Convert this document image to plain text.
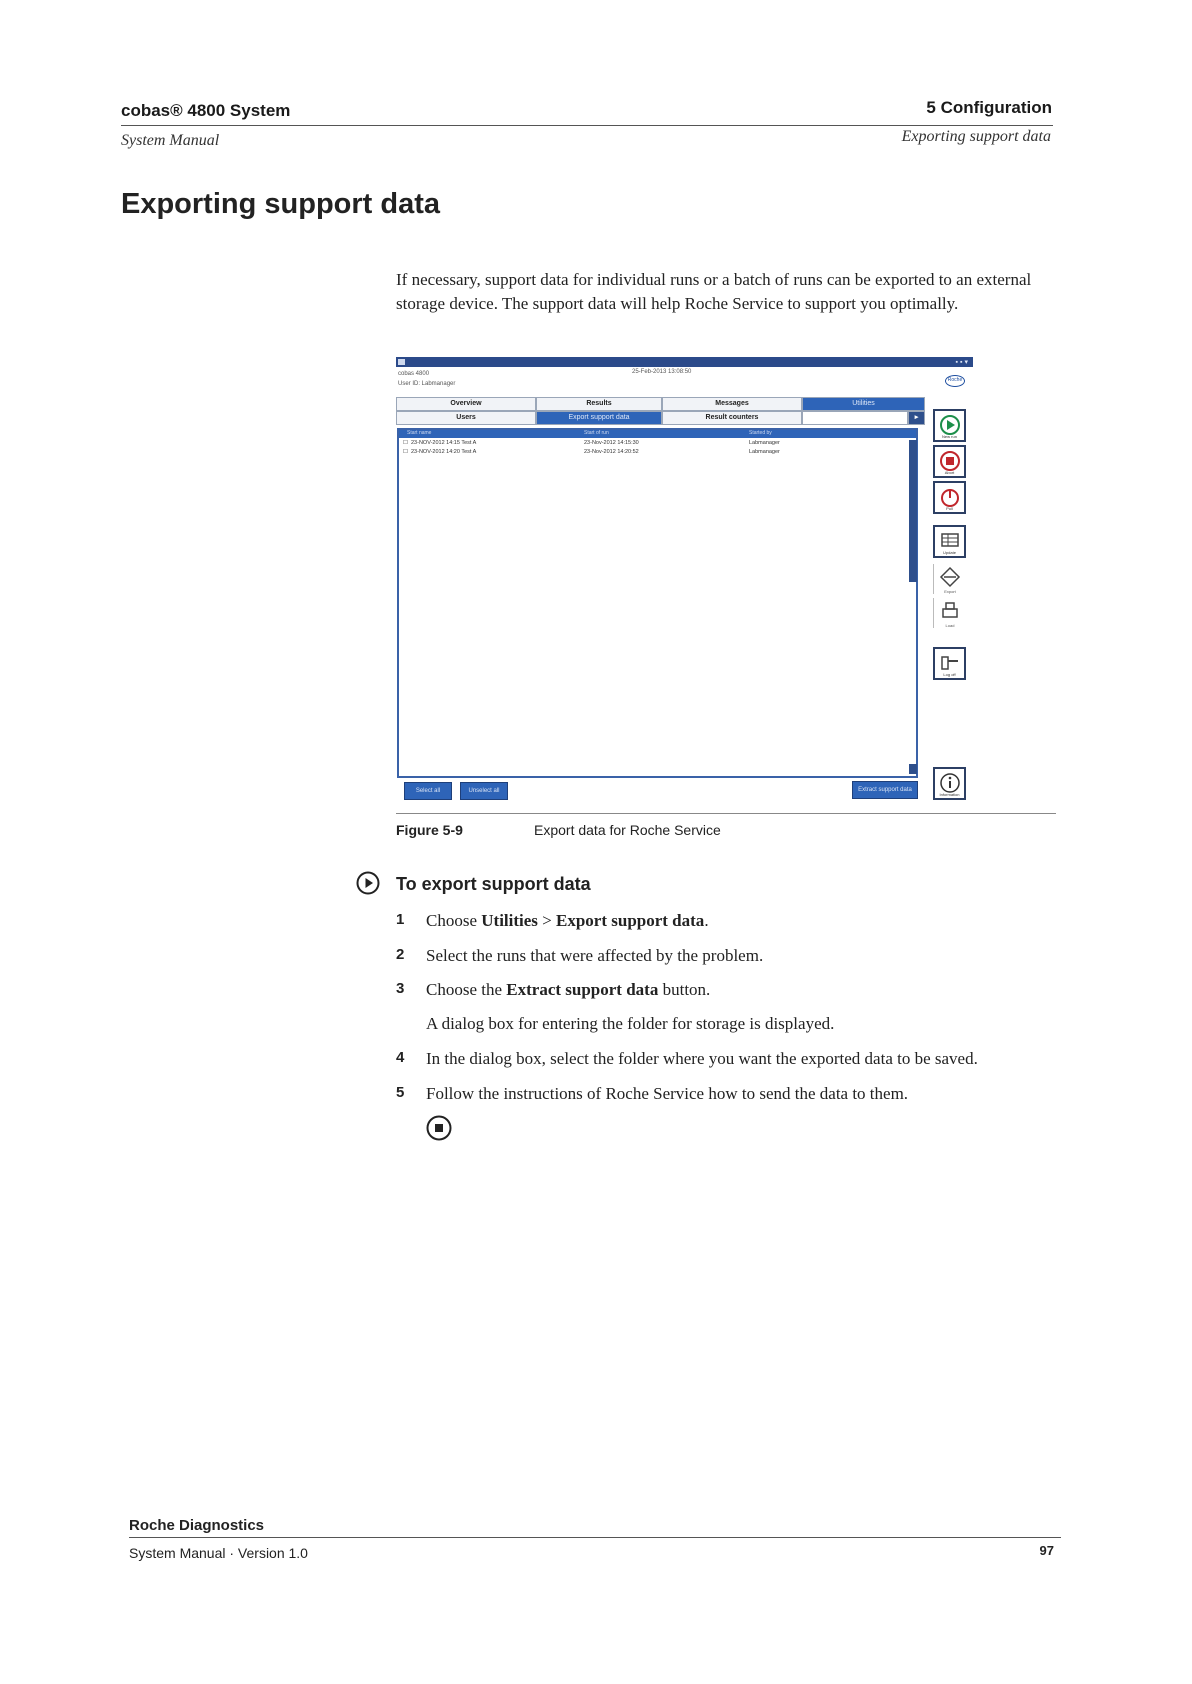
cobas® 4800 System
System Manual
5 Configuration
Exporting support data
Exporting support data

If necessary, support data for individual runs or a batch of runs can be exported to an external storage device. The support data will help Roche Service to support you optimally.

▪▪▾
cobas 4800	25-Feb-2013 13:08:50
User ID: Labmanager
Roche
Overview	Results	Messages	Utilities
Users	Export support data	Result counters	▸
Start name	Start of run	Started by
☐ 23-NOV-2012 14:15 Test A	23-Nov-2012 14:15:30	Labmanager
☐ 23-NOV-2012 14:20 Test A	23-Nov-2012 14:20:52	Labmanager
Select all	Unselect all	Extract support data
New run
Abort
Pull
Update
Export
Load
Log off
Information
Figure 5-9	Export data for Roche Service
To export support data
1 Choose Utilities > Export support data.
2 Select the runs that were affected by the problem.
3 Choose the Extract support data button.
A dialog box for entering the folder for storage is displayed.
4 In the dialog box, select the folder where you want the exported data to be saved.
5 Follow the instructions of Roche Service how to send the data to them.
Roche Diagnostics
System Manual · Version 1.0	97
